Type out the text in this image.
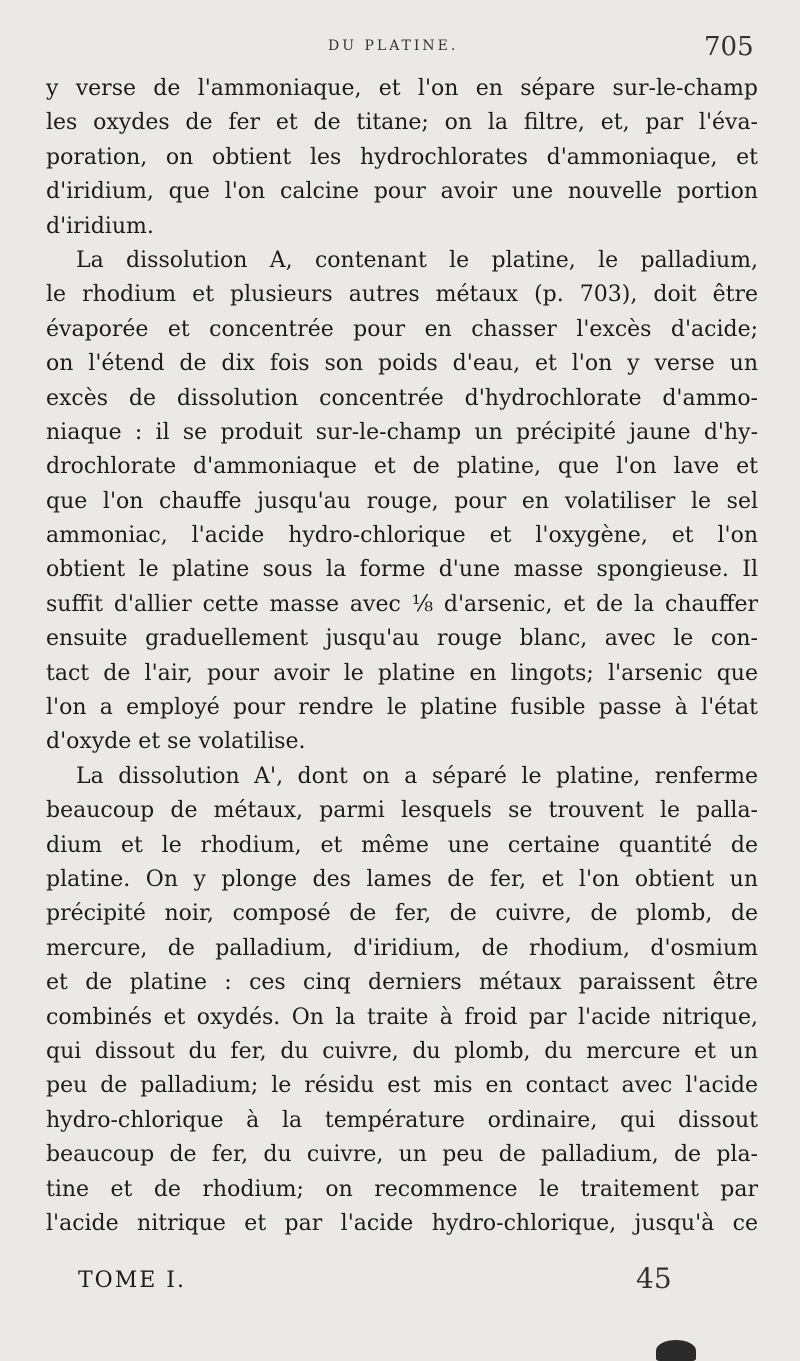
DU PLATINE.	705
y verse de l'ammoniaque, et l'on en sépare sur-le-champ
les oxydes de fer et de titane; on la filtre, et, par l'éva-
poration, on obtient les hydrochlorates d'ammoniaque, et
d'iridium, que l'on calcine pour avoir une nouvelle portion
d'iridium.
La dissolution A, contenant le platine, le palladium,
le rhodium et plusieurs autres métaux (p. 703), doit être
évaporée et concentrée pour en chasser l'excès d'acide;
on l'étend de dix fois son poids d'eau, et l'on y verse un
excès de dissolution concentrée d'hydrochlorate d'ammo-
niaque : il se produit sur-le-champ un précipité jaune d'hy-
drochlorate d'ammoniaque et de platine, que l'on lave et
que l'on chauffe jusqu'au rouge, pour en volatiliser le sel
ammoniac, l'acide hydro-chlorique et l'oxygène, et l'on
obtient le platine sous la forme d'une masse spongieuse. Il
suffit d'allier cette masse avec ⅛ d'arsenic, et de la chauffer
ensuite graduellement jusqu'au rouge blanc, avec le con-
tact de l'air, pour avoir le platine en lingots; l'arsenic que
l'on a employé pour rendre le platine fusible passe à l'état
d'oxyde et se volatilise.
La dissolution A', dont on a séparé le platine, renferme
beaucoup de métaux, parmi lesquels se trouvent le palla-
dium et le rhodium, et même une certaine quantité de
platine. On y plonge des lames de fer, et l'on obtient un
précipité noir, composé de fer, de cuivre, de plomb, de
mercure, de palladium, d'iridium, de rhodium, d'osmium
et de platine : ces cinq derniers métaux paraissent être
combinés et oxydés. On la traite à froid par l'acide nitrique,
qui dissout du fer, du cuivre, du plomb, du mercure et un
peu de palladium; le résidu est mis en contact avec l'acide
hydro-chlorique à la température ordinaire, qui dissout
beaucoup de fer, du cuivre, un peu de palladium, de pla-
tine et de rhodium; on recommence le traitement par
l'acide nitrique et par l'acide hydro-chlorique, jusqu'à ce
TOME I.	45
